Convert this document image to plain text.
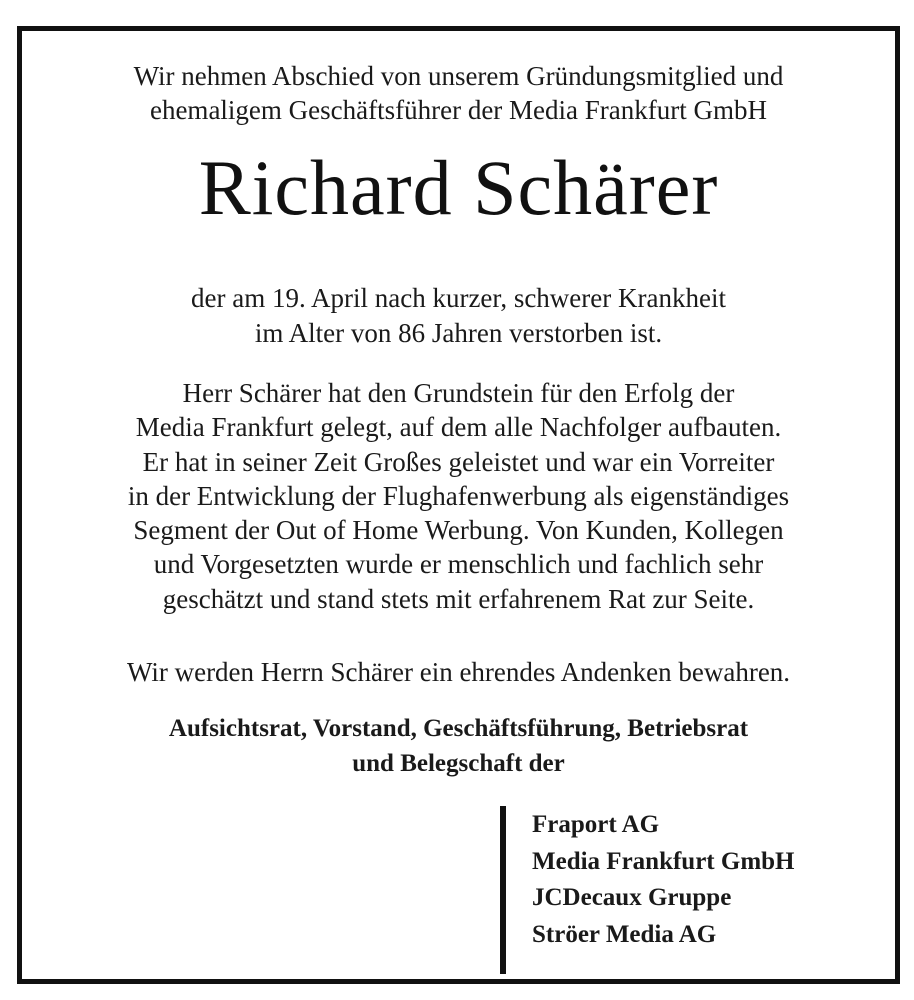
Wir nehmen Abschied von unserem Gründungsmitglied und
ehemaligem Geschäftsführer der Media Frankfurt GmbH
Richard Schärer
der am 19. April nach kurzer, schwerer Krankheit
im Alter von 86 Jahren verstorben ist.
Herr Schärer hat den Grundstein für den Erfolg der
Media Frankfurt gelegt, auf dem alle Nachfolger aufbauten.
Er hat in seiner Zeit Großes geleistet und war ein Vorreiter
in der Entwicklung der Flughafenwerbung als eigenständiges
Segment der Out of Home Werbung. Von Kunden, Kollegen
und Vorgesetzten wurde er menschlich und fachlich sehr
geschätzt und stand stets mit erfahrenem Rat zur Seite.
Wir werden Herrn Schärer ein ehrendes Andenken bewahren.
Aufsichtsrat, Vorstand, Geschäftsführung, Betriebsrat
und Belegschaft der
Fraport AG
Media Frankfurt GmbH
JCDecaux Gruppe
Ströer Media AG
